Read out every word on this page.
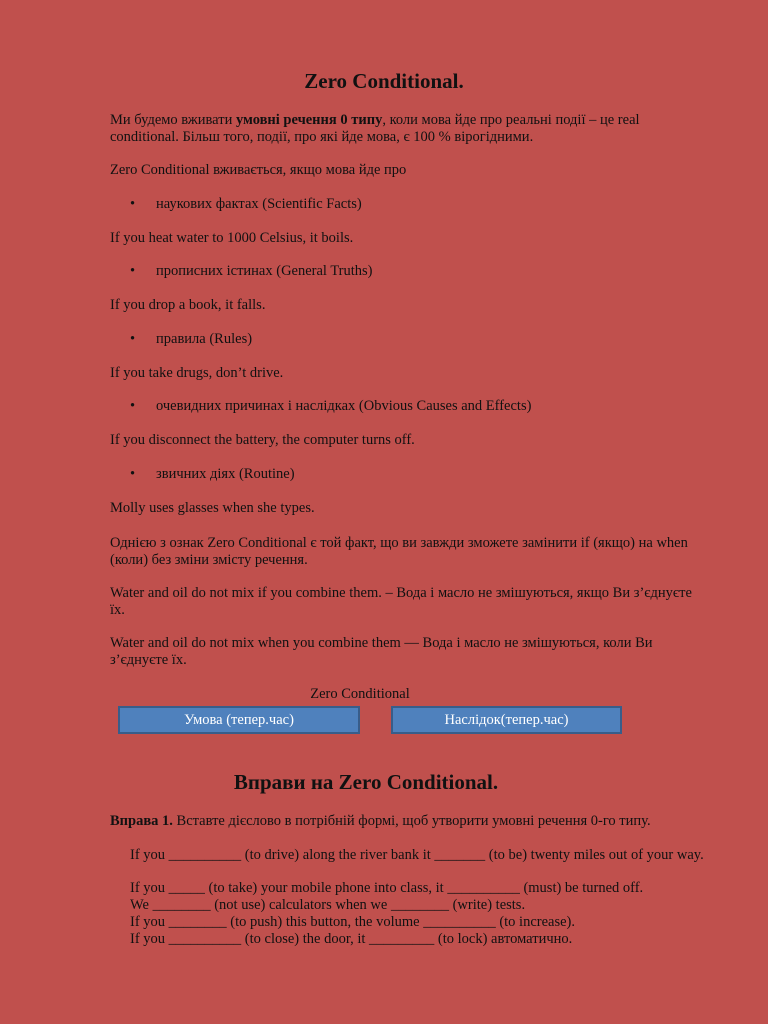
Zero Conditional.

Ми будемо вживати умовні речення 0 типу, коли мова йде про реальні події – це real conditional. Більш того, події, про які йде мова, є 100 % вірогідними.

Zero Conditional вживається, якщо мова йде про

• наукових фактах (Scientific Facts)

If you heat water to 1000 Celsius, it boils.

• прописних істинах (General Truths)

If you drop a book, it falls.

• правила (Rules)

If you take drugs, don’t drive.

• очевидних причинах і наслідках (Obvious Causes and Effects)

If you disconnect the battery, the computer turns off.

• звичних діях (Routine)

Molly uses glasses when she types.

Однією з ознак Zero Conditional є той факт, що ви завжди зможете замінити if (якщо) на when (коли) без зміни змісту речення.

Water and oil do not mix if you combine them. – Вода і масло не змішуються, якщо Ви з’єднуєте їх.

Water and oil do not mix when you combine them — Вода і масло не змішуються, коли Ви з’єднуєте їх.

Zero Conditional
Умова (тепер.час)	Наслідок(тепер.час)
Вправи на Zero Conditional.

Вправа 1. Вставте дієслово в потрібній формі, щоб утворити умовні речення 0-го типу.

If you __________ (to drive) along the river bank it _______ (to be) twenty miles out of your way.

If you _____ (to take) your mobile phone into class, it __________ (must) be turned off.

We ________ (not use) calculators when we ________ (write) tests.

If you ________ (to push) this button, the volume __________ (to increase).

If you __________ (to close) the door, it _________ (to lock) автоматично.
